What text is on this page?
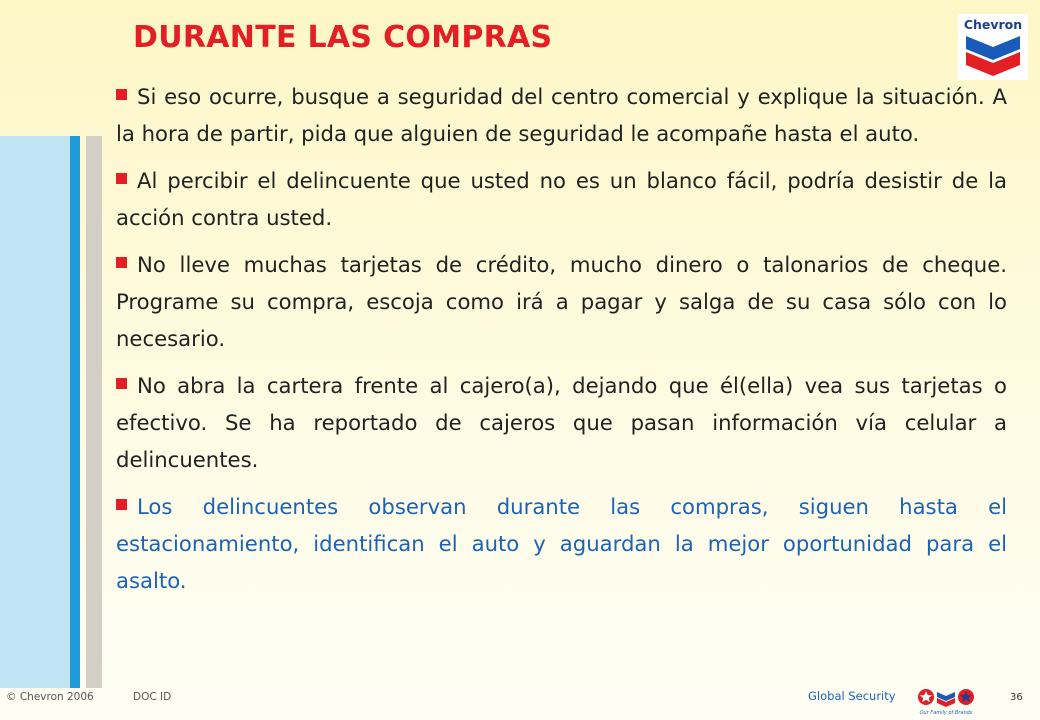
DURANTE LAS COMPRAS	Chevron

Si eso ocurre, busque a seguridad del centro comercial y explique la situación. A la hora de partir, pida que alguien de seguridad le acompañe hasta el auto.

Al percibir el delincuente que usted no es un blanco fácil, podría desistir de la acción contra usted.

No lleve muchas tarjetas de crédito, mucho dinero o talonarios de cheque. Programe su compra, escoja como irá a pagar y salga de su casa sólo con lo necesario.

No abra la cartera frente al cajero(a), dejando que él(ella) vea sus tarjetas o efectivo. Se ha reportado de cajeros que pasan información vía celular a delincuentes.

Los delincuentes observan durante las compras, siguen hasta el estacionamiento, identifican el auto y aguardan la mejor oportunidad para el asalto.

© Chevron 2006	DOC ID	Global Security
Our Family of Brands
36
